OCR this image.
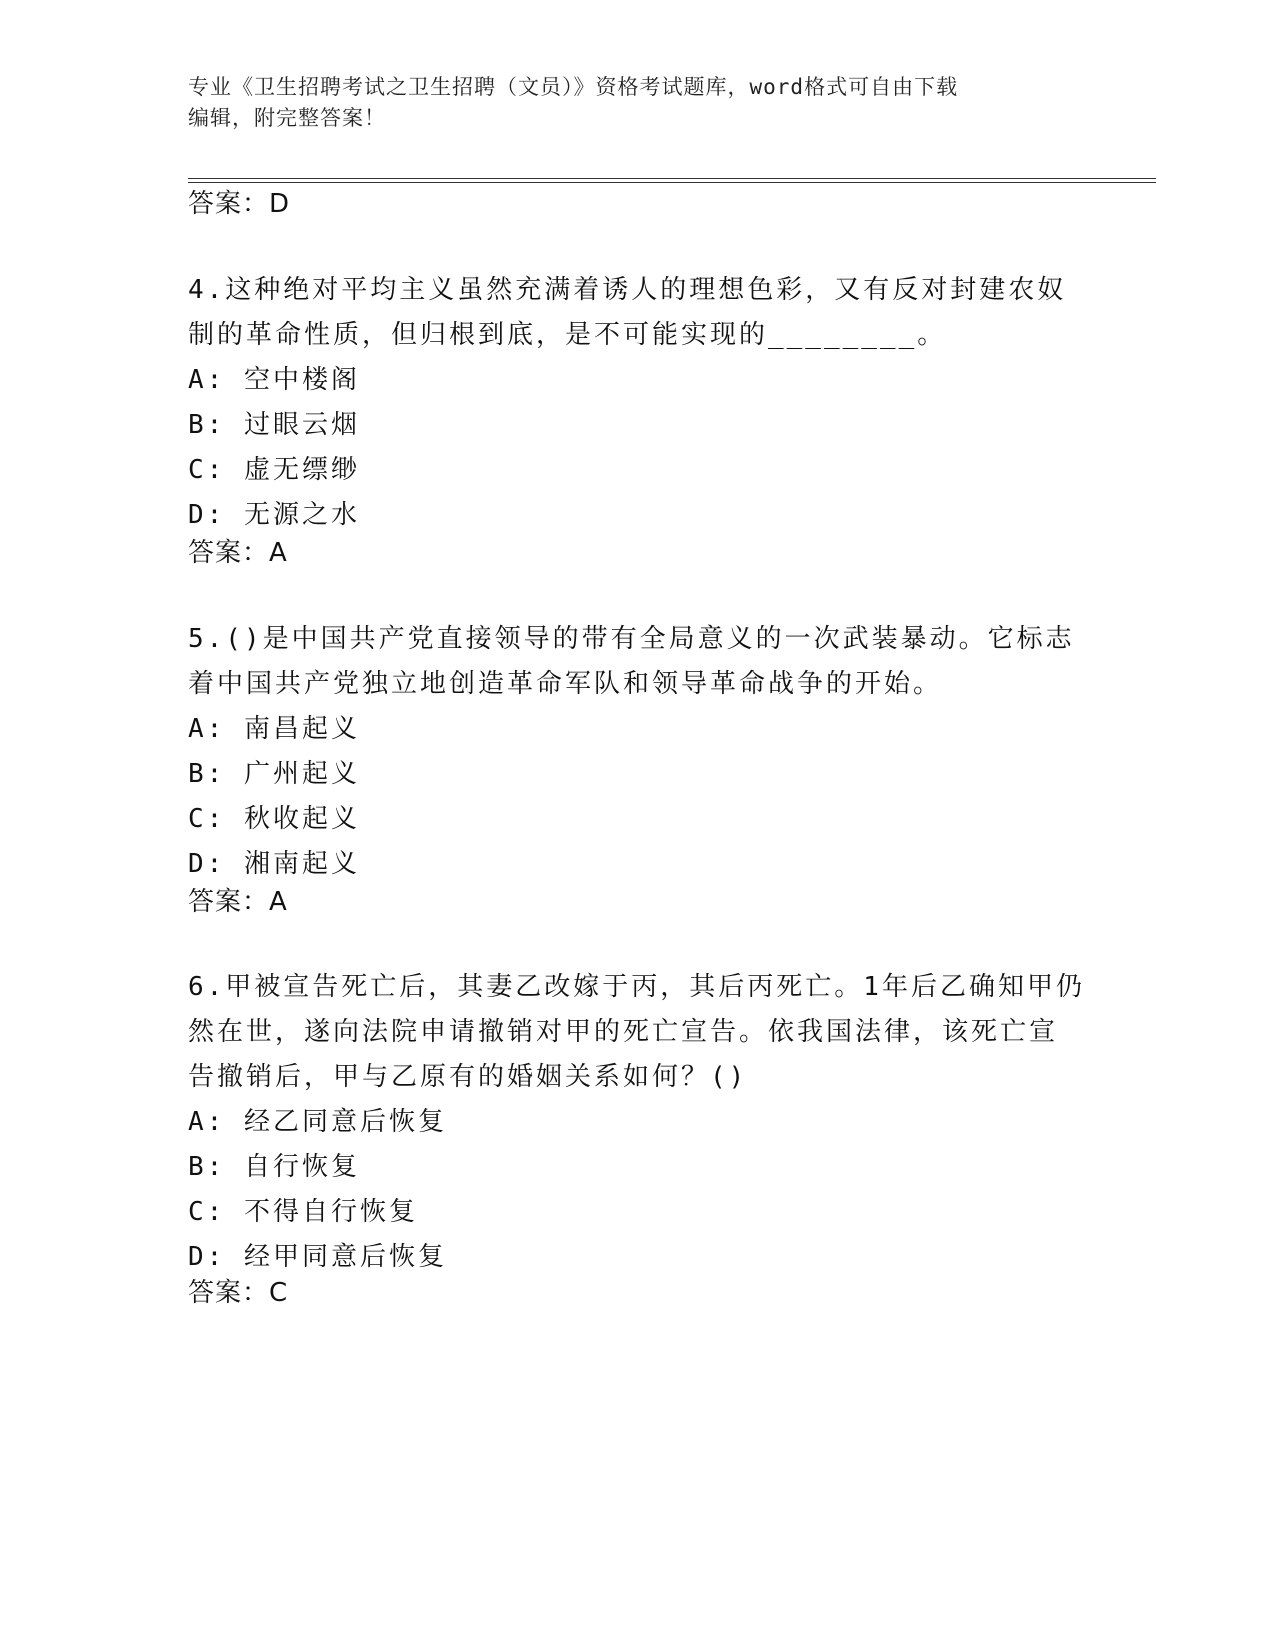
专业《卫生招聘考试之卫生招聘（文员）》资格考试题库，word格式可自由下载
编辑，附完整答案！
答案：D
4.这种绝对平均主义虽然充满着诱人的理想色彩，又有反对封建农奴
制的革命性质，但归根到底，是不可能实现的________。
A: 空中楼阁
B: 过眼云烟
C: 虚无缥缈
D: 无源之水
答案：A
5.()是中国共产党直接领导的带有全局意义的一次武装暴动。它标志
着中国共产党独立地创造革命军队和领导革命战争的开始。
A: 南昌起义
B: 广州起义
C: 秋收起义
D: 湘南起义
答案：A
6.甲被宣告死亡后，其妻乙改嫁于丙，其后丙死亡。1年后乙确知甲仍
然在世，遂向法院申请撤销对甲的死亡宣告。依我国法律，该死亡宣
告撤销后，甲与乙原有的婚姻关系如何？()
A: 经乙同意后恢复
B: 自行恢复
C: 不得自行恢复
D: 经甲同意后恢复
答案：C
